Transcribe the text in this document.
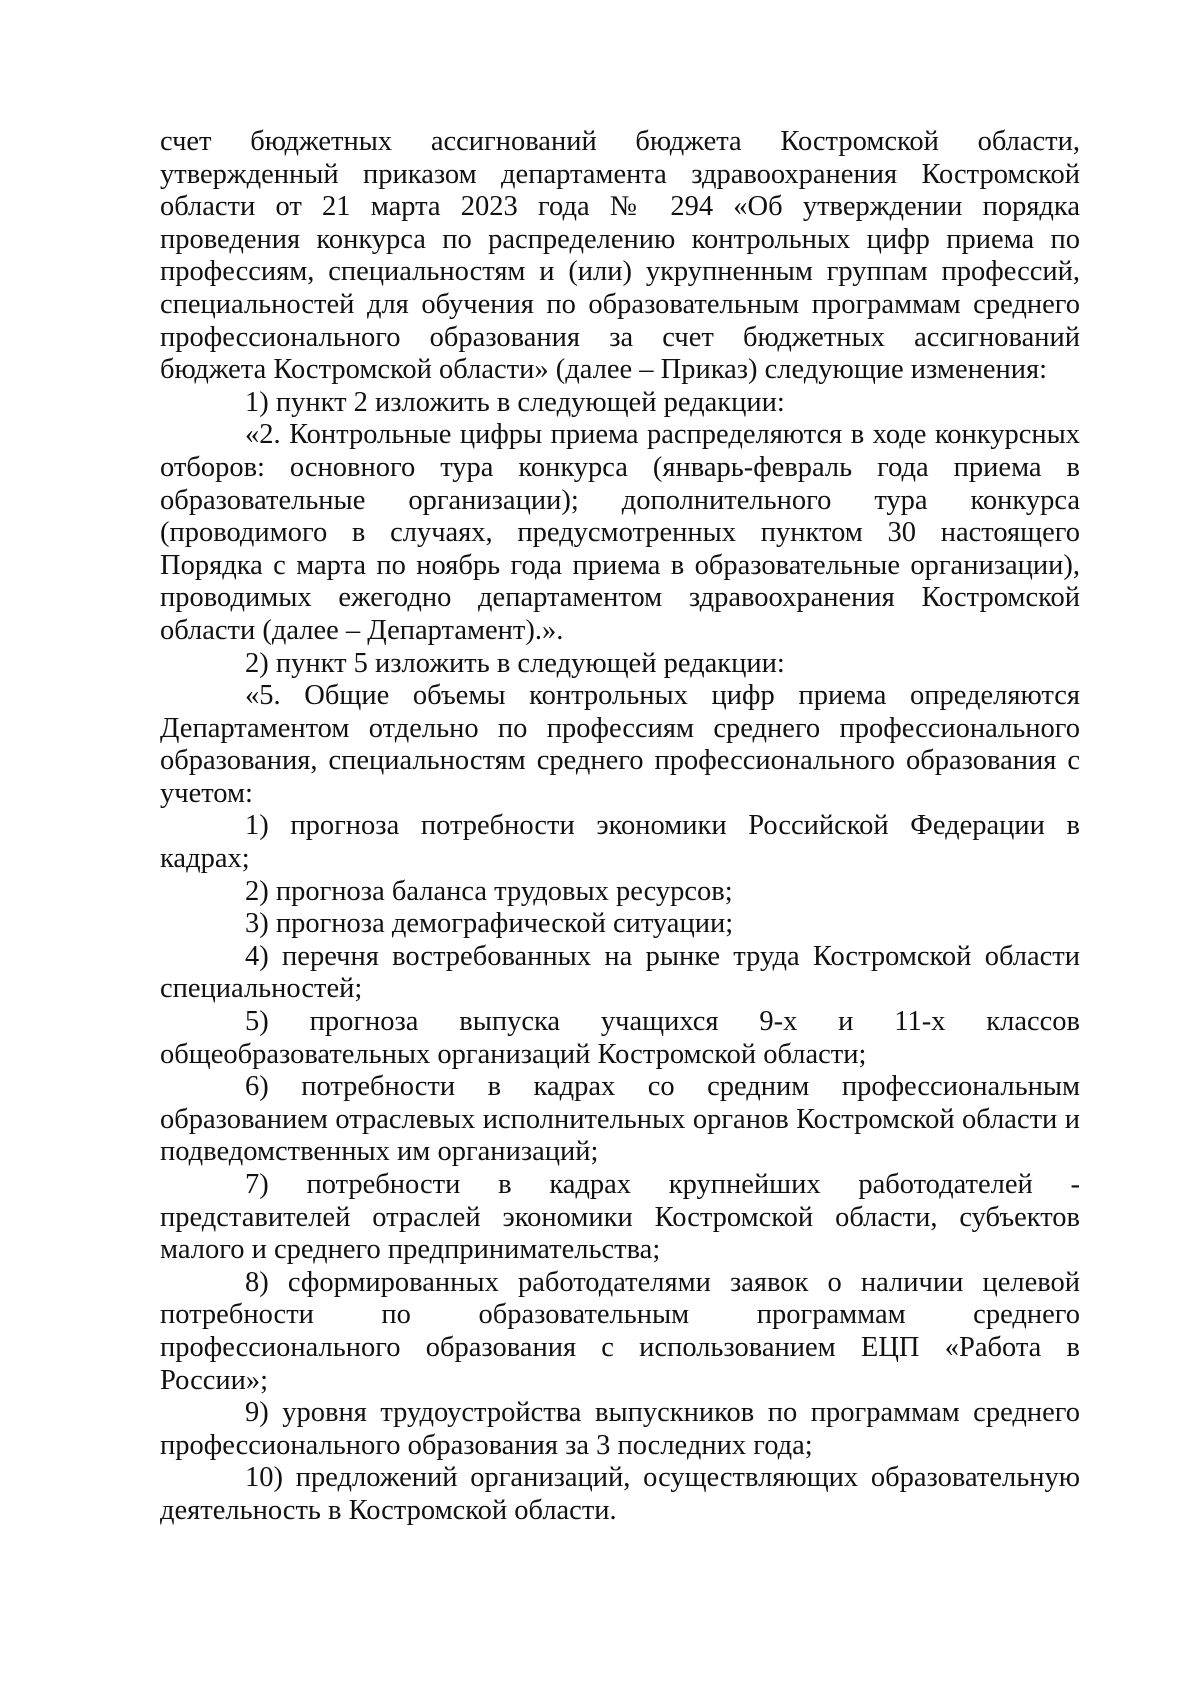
счет бюджетных ассигнований бюджета Костромской области, утвержденный приказом департамента здравоохранения Костромской области от 21 марта 2023 года № 294 «Об утверждении порядка проведения конкурса по распределению контрольных цифр приема по профессиям, специальностям и (или) укрупненным группам профессий, специальностей для обучения по образовательным программам среднего профессионального образования за счет бюджетных ассигнований бюджета Костромской области» (далее – Приказ) следующие изменения:

1) пункт 2 изложить в следующей редакции:

«2. Контрольные цифры приема распределяются в ходе конкурсных отборов: основного тура конкурса (январь-февраль года приема в образовательные организации); дополнительного тура конкурса (проводимого в случаях, предусмотренных пунктом 30 настоящего Порядка с марта по ноябрь года приема в образовательные организации), проводимых ежегодно департаментом здравоохранения Костромской области (далее – Департамент).».

2) пункт 5 изложить в следующей редакции:

«5. Общие объемы контрольных цифр приема определяются Департаментом отдельно по профессиям среднего профессионального образования, специальностям среднего профессионального образования с учетом:

1) прогноза потребности экономики Российской Федерации в кадрах;

2) прогноза баланса трудовых ресурсов;

3) прогноза демографической ситуации;

4) перечня востребованных на рынке труда Костромской области специальностей;

5) прогноза выпуска учащихся 9-х и 11-х классов общеобразовательных организаций Костромской области;

6) потребности в кадрах со средним профессиональным образованием отраслевых исполнительных органов Костромской области и подведомственных им организаций;

7) потребности в кадрах крупнейших работодателей - представителей отраслей экономики Костромской области, субъектов малого и среднего предпринимательства;

8) сформированных работодателями заявок о наличии целевой потребности по образовательным программам среднего профессионального образования с использованием ЕЦП «Работа в России»;

9) уровня трудоустройства выпускников по программам среднего профессионального образования за 3 последних года;

10) предложений организаций, осуществляющих образовательную деятельность в Костромской области.
